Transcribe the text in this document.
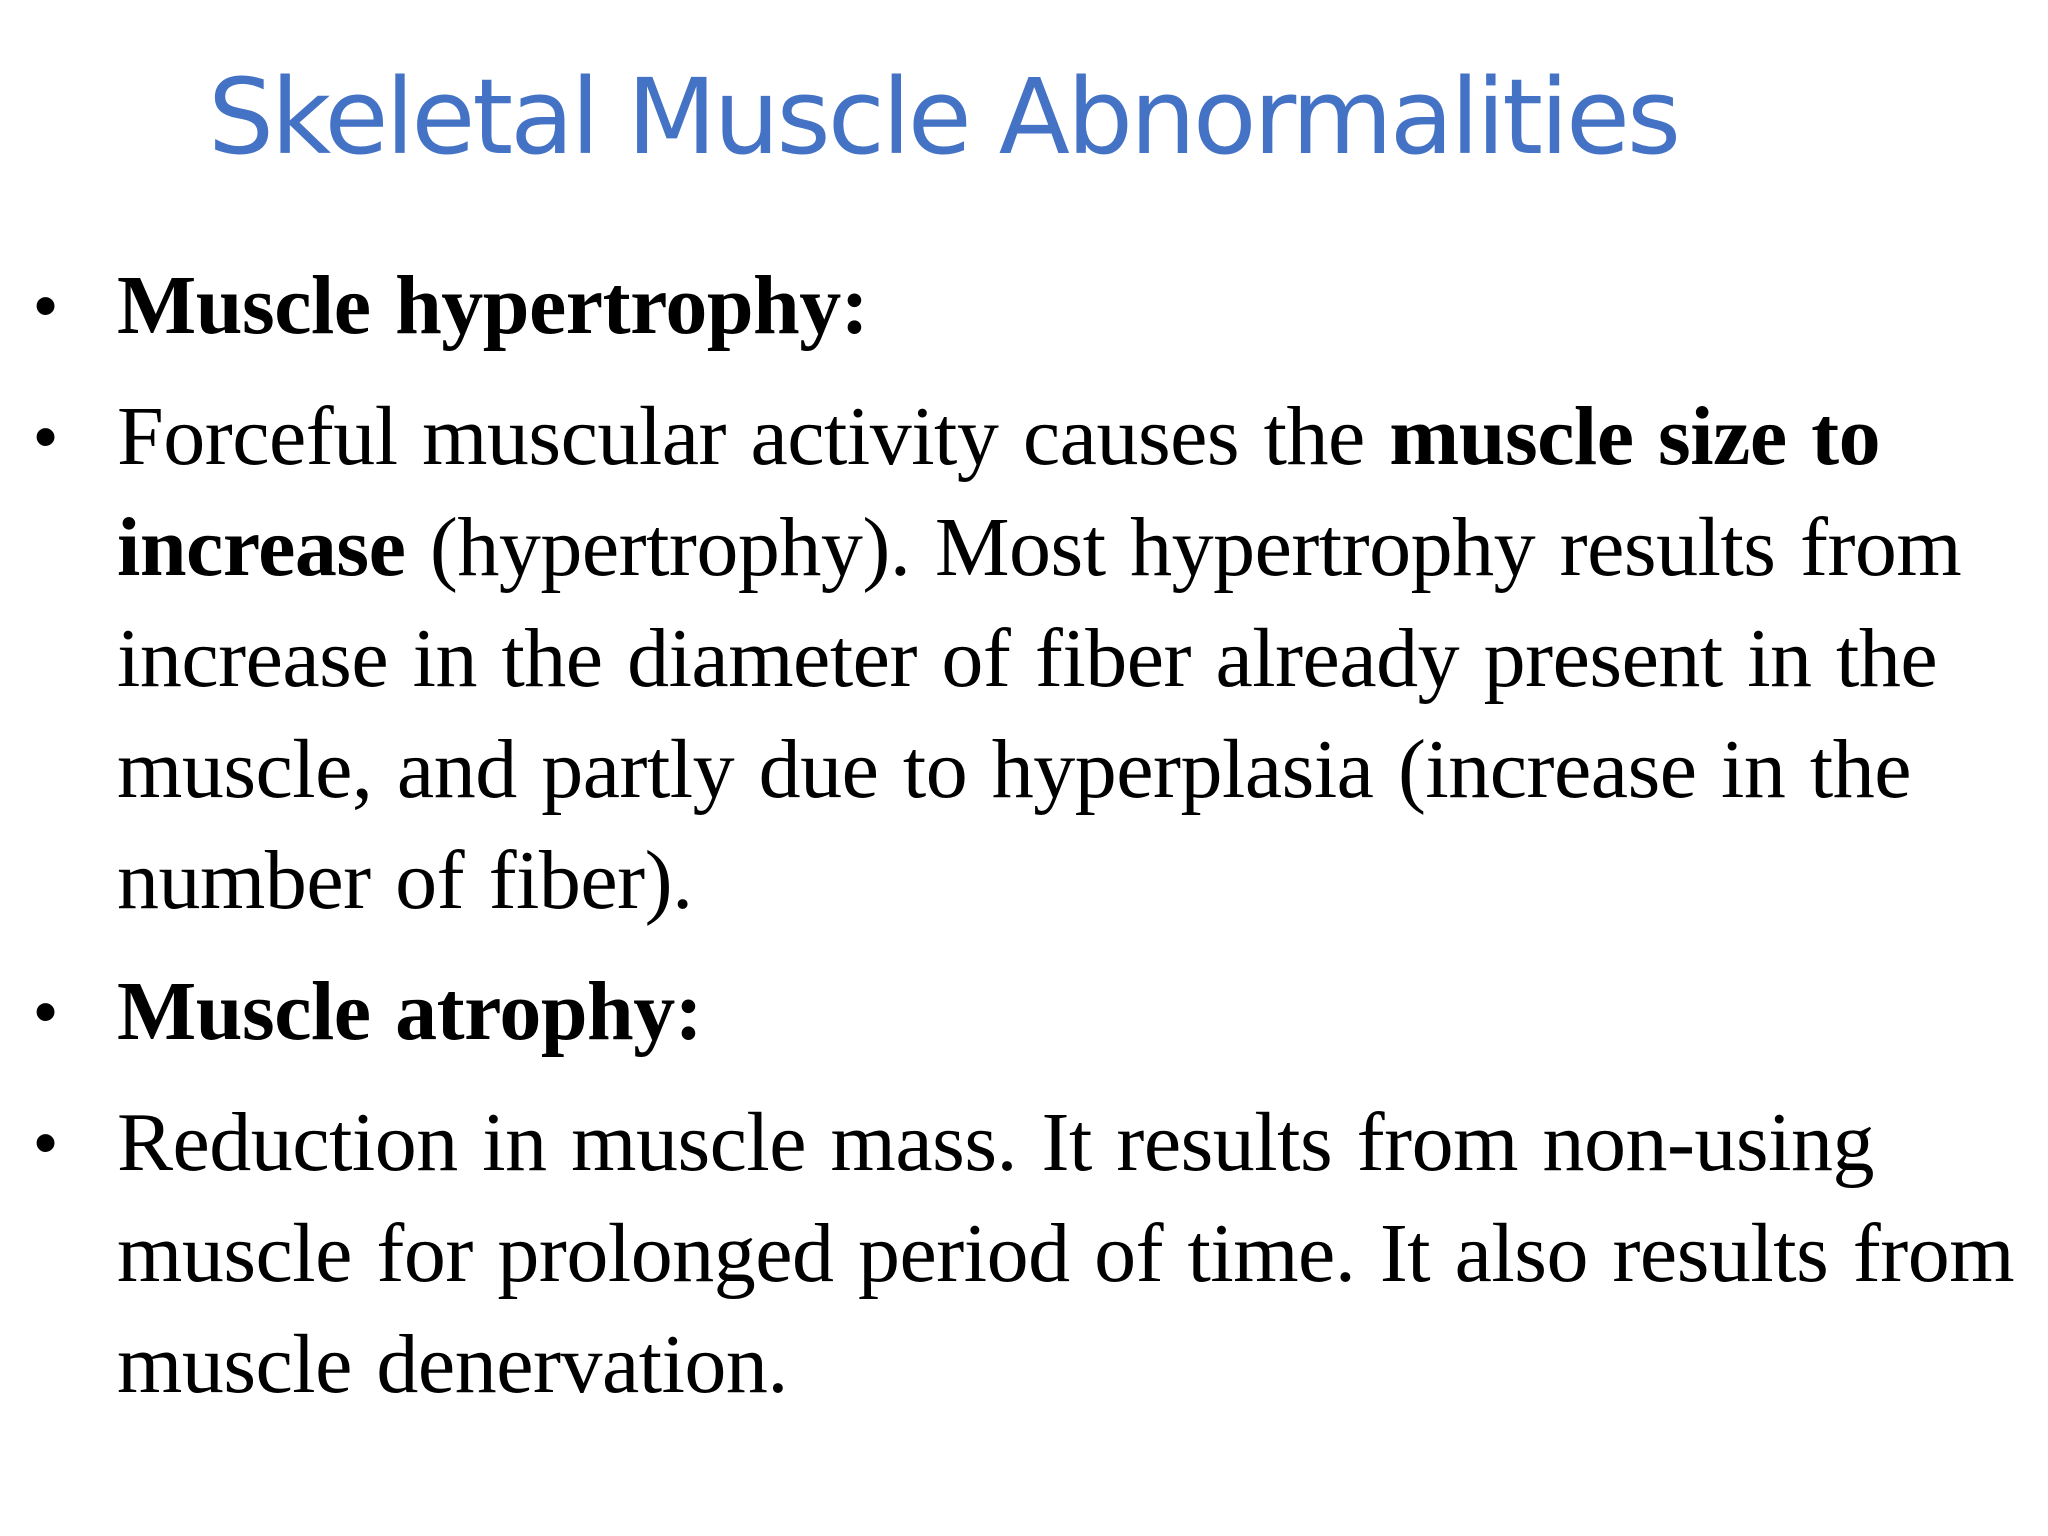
Skeletal Muscle Abnormalities
• Muscle hypertrophy:
• Forceful muscular activity causes the muscle size to increase (hypertrophy). Most hypertrophy results from increase in the diameter of fiber already present in the muscle, and partly due to hyperplasia (increase in the number of fiber).
• Muscle atrophy:
• Reduction in muscle mass. It results from non-using muscle for prolonged period of time. It also results from muscle denervation.
